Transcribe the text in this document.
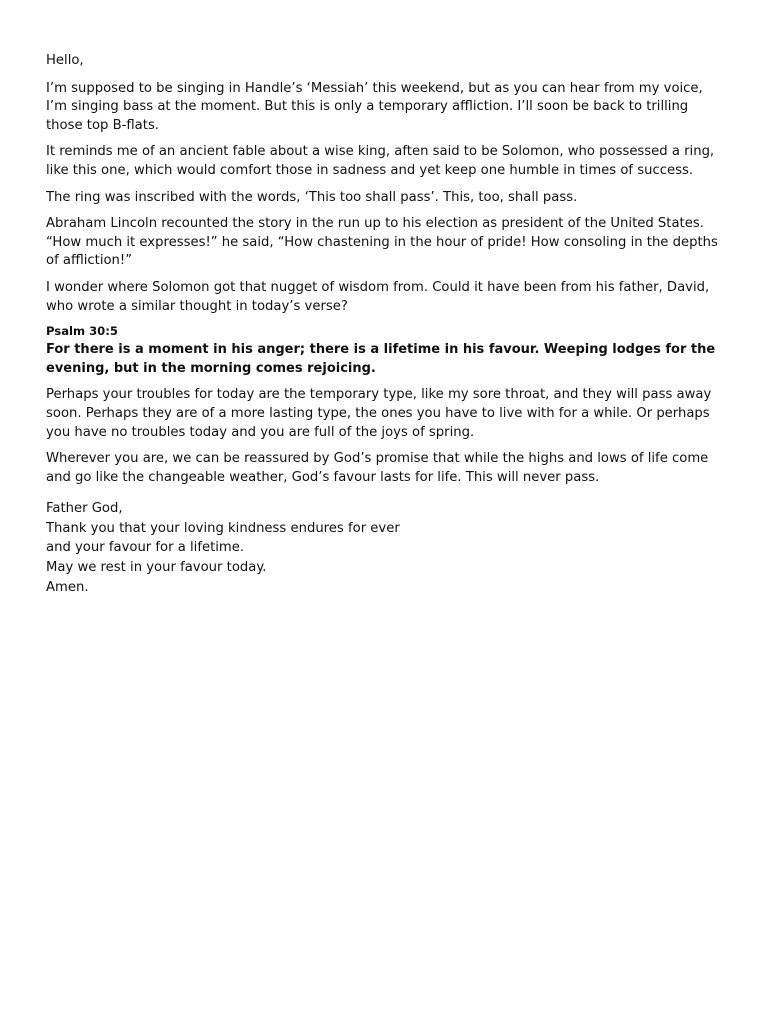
Hello,

I’m supposed to be singing in Handle’s ‘Messiah’ this weekend, but as you can hear from my voice, I’m singing bass at the moment. But this is only a temporary affliction. I’ll soon be back to trilling those top B-flats.

It reminds me of an ancient fable about a wise king, aften said to be Solomon, who possessed a ring, like this one, which would comfort those in sadness and yet keep one humble in times of success.

The ring was inscribed with the words, ‘This too shall pass’. This, too, shall pass.

Abraham Lincoln recounted the story in the run up to his election as president of the United States. “How much it expresses!” he said, “How chastening in the hour of pride! How consoling in the depths of affliction!”

I wonder where Solomon got that nugget of wisdom from. Could it have been from his father, David, who wrote a similar thought in today’s verse?

Psalm 30:5

For there is a moment in his anger; there is a lifetime in his favour. Weeping lodges for the evening, but in the morning comes rejoicing.

Perhaps your troubles for today are the temporary type, like my sore throat, and they will pass away soon. Perhaps they are of a more lasting type, the ones you have to live with for a while. Or perhaps you have no troubles today and you are full of the joys of spring.

Wherever you are, we can be reassured by God’s promise that while the highs and lows of life come and go like the changeable weather, God’s favour lasts for life. This will never pass.

Father God,
Thank you that your loving kindness endures for ever
and your favour for a lifetime.
May we rest in your favour today.
Amen.
